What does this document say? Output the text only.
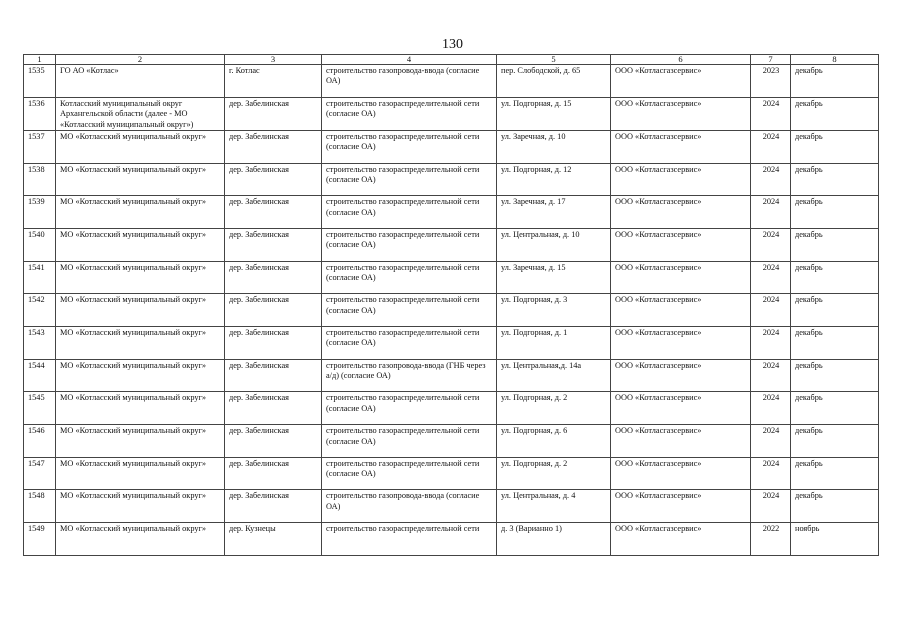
130
1	2	3	4	5	6	7	8
1535	ГО АО «Котлас»	г. Котлас	строительство газопровода-ввода (согласие ОА)	пер. Слободской, д. 65	ООО «Котласгазсервис»	2023	декабрь
1536	Котласский муниципальный округ Архангельской области (далее - МО «Котласский муниципальный округ»)	дер. Забелинская	строительство газораспределительной сети (согласие ОА)	ул. Подгорная, д. 15	ООО «Котласгазсервис»	2024	декабрь
1537	МО «Котласский муниципальный округ»	дер. Забелинская	строительство газораспределительной сети (согласие ОА)	ул. Заречная, д. 10	ООО «Котласгазсервис»	2024	декабрь
1538	МО «Котласский муниципальный округ»	дер. Забелинская	строительство газораспределительной сети (согласие ОА)	ул. Подгорная, д. 12	ООО «Котласгазсервис»	2024	декабрь
1539	МО «Котласский муниципальный округ»	дер. Забелинская	строительство газораспределительной сети (согласие ОА)	ул. Заречная, д. 17	ООО «Котласгазсервис»	2024	декабрь
1540	МО «Котласский муниципальный округ»	дер. Забелинская	строительство газораспределительной сети (согласие ОА)	ул. Центральная, д. 10	ООО «Котласгазсервис»	2024	декабрь
1541	МО «Котласский муниципальный округ»	дер. Забелинская	строительство газораспределительной сети (согласие ОА)	ул. Заречная, д. 15	ООО «Котласгазсервис»	2024	декабрь
1542	МО «Котласский муниципальный округ»	дер. Забелинская	строительство газораспределительной сети (согласие ОА)	ул. Подгорная, д. 3	ООО «Котласгазсервис»	2024	декабрь
1543	МО «Котласский муниципальный округ»	дер. Забелинская	строительство газораспределительной сети (согласие ОА)	ул. Подгорная, д. 1	ООО «Котласгазсервис»	2024	декабрь
1544	МО «Котласский муниципальный округ»	дер. Забелинская	строительство газопровода-ввода (ГНБ через а/д) (согласие ОА)	ул. Центральная,д. 14а	ООО «Котласгазсервис»	2024	декабрь
1545	МО «Котласский муниципальный округ»	дер. Забелинская	строительство газораспределительной сети (согласие ОА)	ул. Подгорная, д. 2	ООО «Котласгазсервис»	2024	декабрь
1546	МО «Котласский муниципальный округ»	дер. Забелинская	строительство газораспределительной сети (согласие ОА)	ул. Подгорная, д. 6	ООО «Котласгазсервис»	2024	декабрь
1547	МО «Котласский муниципальный округ»	дер. Забелинская	строительство газораспределительной сети (согласие ОА)	ул. Подгорная, д. 2	ООО «Котласгазсервис»	2024	декабрь
1548	МО «Котласский муниципальный округ»	дер. Забелинская	строительство газопровода-ввода (согласие ОА)	ул. Центральная, д. 4	ООО «Котласгазсервис»	2024	декабрь
1549	МО «Котласский муниципальный округ»	дер. Кузнецы	строительство газораспределительной сети	д. 3 (Варианно 1)	ООО «Котласгазсервис»	2022	ноябрь
